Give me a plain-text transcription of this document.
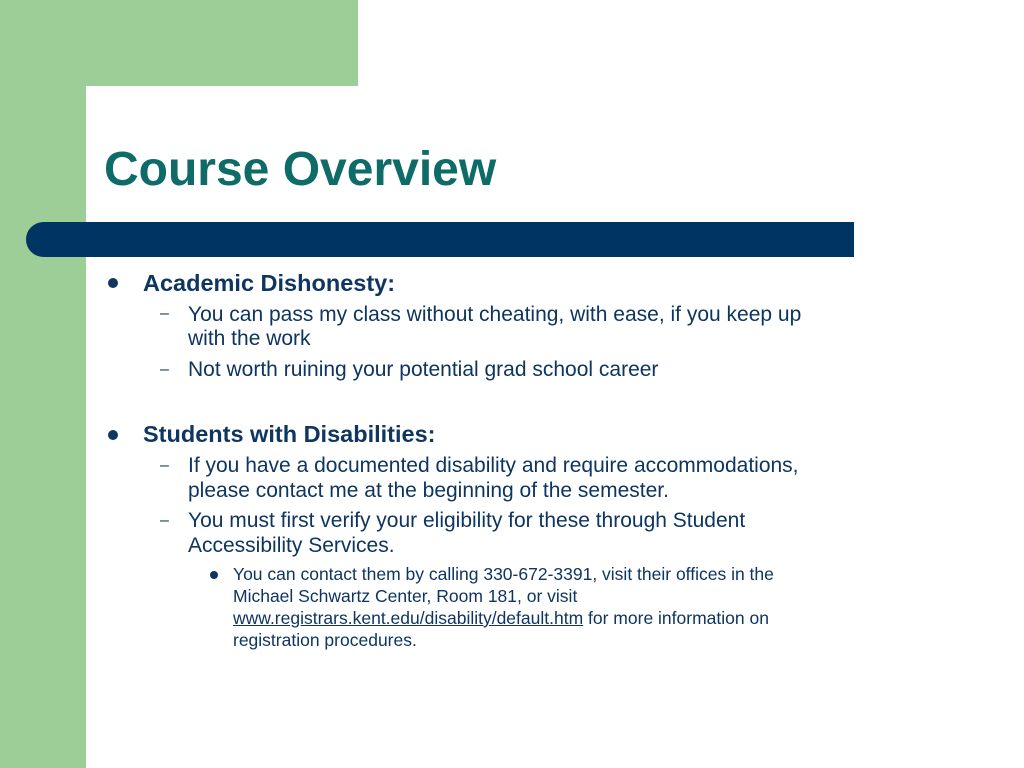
Course Overview
Academic Dishonesty:
– You can pass my class without cheating, with ease, if you keep up
with the work
– Not worth ruining your potential grad school career
Students with Disabilities:
– If you have a documented disability and require accommodations,
please contact me at the beginning of the semester.
– You must first verify your eligibility for these through Student
Accessibility Services.
You can contact them by calling 330-672-3391, visit their offices in the
Michael Schwartz Center, Room 181, or visit
www.registrars.kent.edu/disability/default.htm for more information on
registration procedures.
